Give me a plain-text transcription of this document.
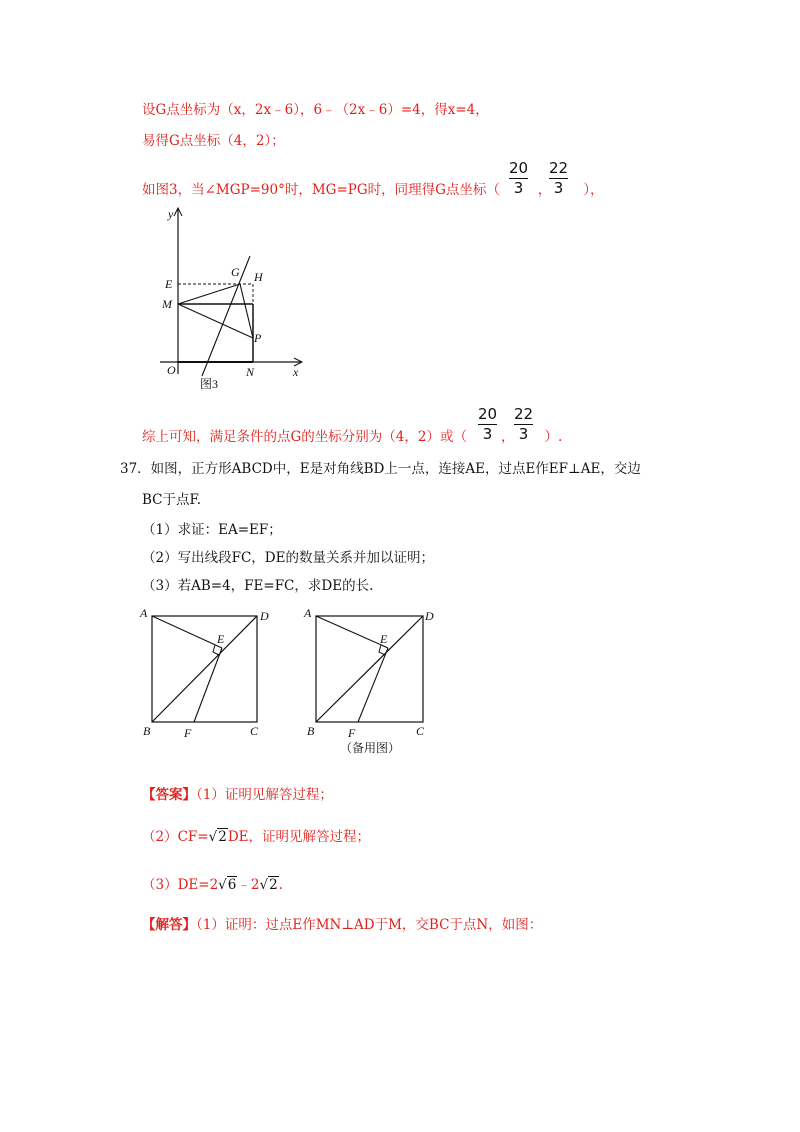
设G点坐标为（x，2x﹣6），6﹣（2x﹣6）=4，得x=4，
易得G点坐标（4，2）；
如图3，当∠MGP=90°时，MG=PG时，同理得G点坐标（	， ），
20
3
22
3
y
x
O
E
G H
M
P
N
图3
综上可知，满足条件的点G的坐标分别为（4，2）或（	， ）.
20
3
22
3
37．如图，正方形ABCD中，E是对角线BD上一点，连接AE，过点E作EF⊥AE，交边
BC于点F.
（1）求证：EA=EF；
（2）写出线段FC，DE的数量关系并加以证明；
（3）若AB=4，FE=FC，求DE的长.
A	D
E
B	F	C
A	D
E
B	F	C
（备用图）
【答案】（1）证明见解答过程；
（2）CF=√2DE，证明见解答过程；
（3）DE=2√6﹣2√2.
【解答】（1）证明：过点E作MN⊥AD于M，交BC于点N，如图：
